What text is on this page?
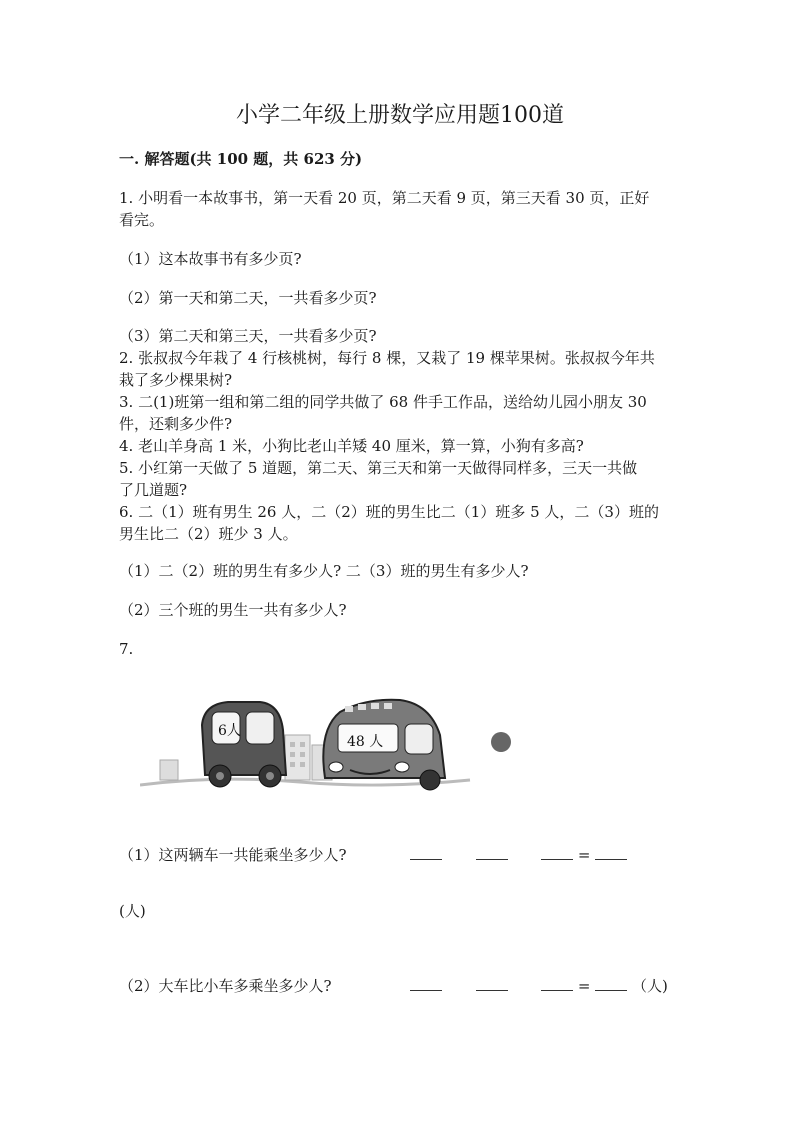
小学二年级上册数学应用题100道
一. 解答题(共 100 题，共 623 分)
1. 小明看一本故事书，第一天看 20 页，第二天看 9 页，第三天看 30 页，正好
看完。
（1）这本故事书有多少页?
（2）第一天和第二天，一共看多少页?
（3）第二天和第三天，一共看多少页?
2. 张叔叔今年栽了 4 行核桃树，每行 8 棵，又栽了 19 棵苹果树。张叔叔今年共
栽了多少棵果树?
3. 二(1)班第一组和第二组的同学共做了 68 件手工作品，送给幼儿园小朋友 30
件，还剩多少件?
4. 老山羊身高 1 米，小狗比老山羊矮 40 厘米，算一算，小狗有多高?
5. 小红第一天做了 5 道题，第二天、第三天和第一天做得同样多，三天一共做
了几道题?
6. 二（1）班有男生 26 人，二（2）班的男生比二（1）班多 5 人，二（3）班的
男生比二（2）班少 3 人。
（1）二（2）班的男生有多少人? 二（3）班的男生有多少人?
（2）三个班的男生一共有多少人?
7.
6人
48 人
（1）这两辆车一共能乘坐多少人?	=
(人)
（2）大车比小车多乘坐多少人?	=	（人)
